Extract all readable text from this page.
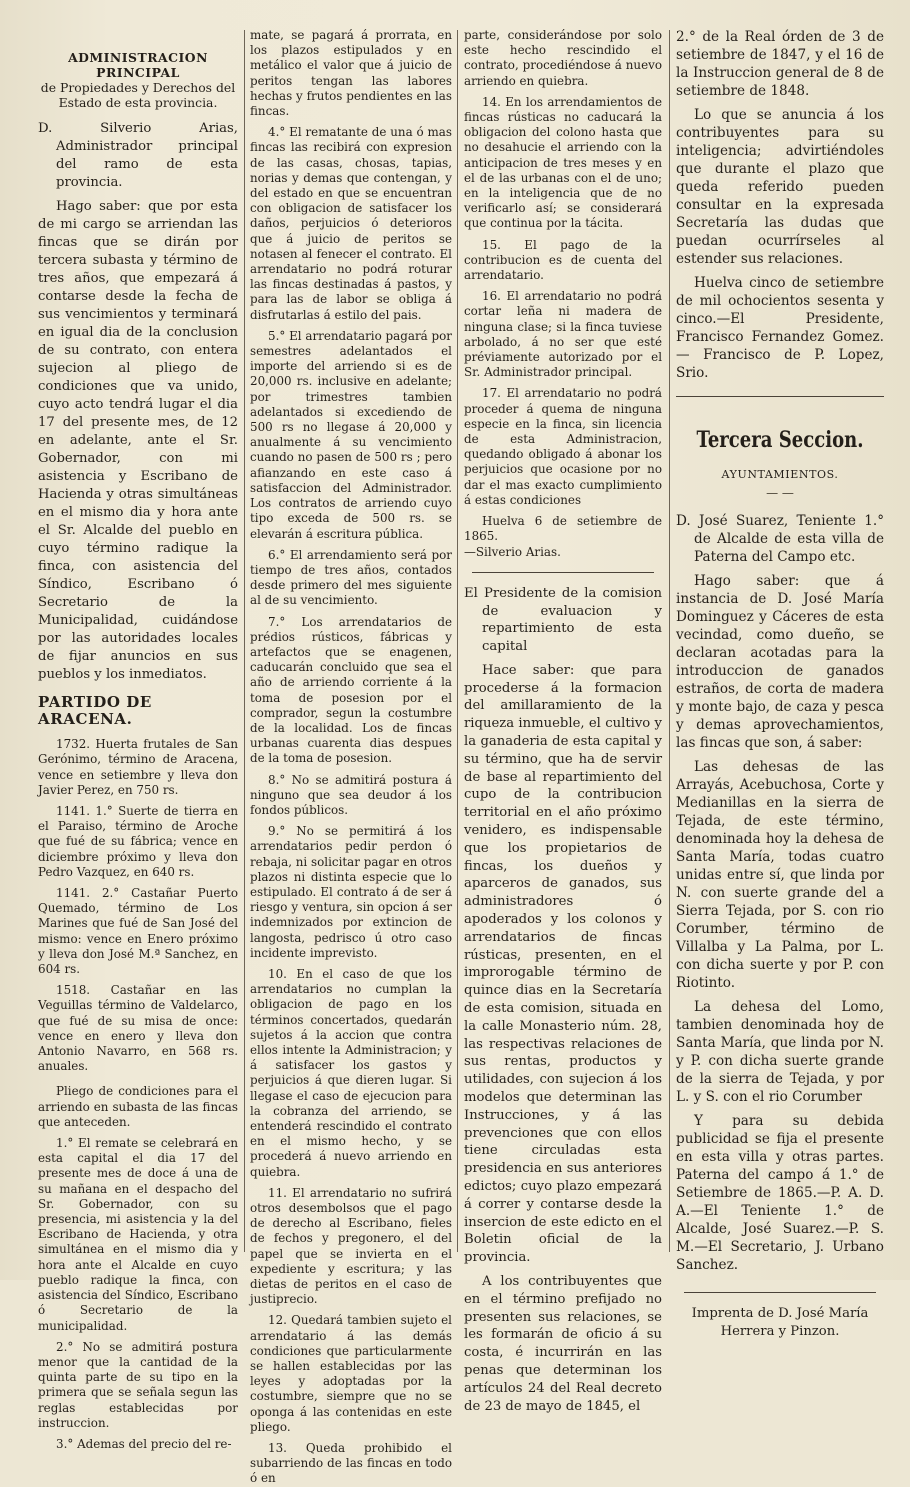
ADMINISTRACION PRINCIPAL
de Propiedades y Derechos del Estado de esta provincia.
D. Silverio Arias, Administrador principal del ramo de esta provincia.
Hago saber: que por esta de mi cargo se arriendan las fincas que se dirán por tercera subasta y término de tres años, que empezará á contarse desde la fecha de sus vencimientos y terminará en igual dia de la conclusion de su contrato, con entera sujecion al pliego de condiciones que va unido, cuyo acto tendrá lugar el dia 17 del presente mes, de 12 en adelante, ante el Sr. Gobernador, con mi asistencia y Escribano de Hacienda y otras simultáneas en el mismo dia y hora ante el Sr. Alcalde del pueblo en cuyo término radique la finca, con asistencia del Síndico, Escribano ó Secretario de la Municipalidad, cuidándose por las autoridades locales de fijar anuncios en sus pueblos y los inmediatos.
PARTIDO DE ARACENA.
1732. Huerta frutales de San Gerónimo, término de Aracena, vence en setiembre y lleva don Javier Perez, en 750 rs.
1141. 1.° Suerte de tierra en el Paraiso, término de Aroche que fué de su fábrica; vence en diciembre próximo y lleva don Pedro Vazquez, en 640 rs.
1141. 2.° Castañar Puerto Quemado, término de Los Marines que fué de San José del mismo: vence en Enero próximo y lleva don José M.ª Sanchez, en 604 rs.
1518. Castañar en las Veguillas término de Valdelarco, que fué de su misa de once: vence en enero y lleva don Antonio Navarro, en 568 rs. anuales.
Pliego de condiciones para el arriendo en subasta de las fincas que anteceden.
1.° El remate se celebrará en esta capital el dia 17 del presente mes de doce á una de su mañana en el despacho del Sr. Gobernador, con su presencia, mi asistencia y la del Escribano de Hacienda, y otra simultánea en el mismo dia y hora ante el Alcalde en cuyo pueblo radique la finca, con asistencia del Síndico, Escribano ó Secretario de la municipalidad.
2.° No se admitirá postura menor que la cantidad de la quinta parte de su tipo en la primera que se señala segun las reglas establecidas por instruccion.
3.° Ademas del precio del re-
mate, se pagará á prorrata, en los plazos estipulados y en metálico el valor que á juicio de peritos tengan las labores hechas y frutos pendientes en las fincas.
4.° El rematante de una ó mas fincas las recibirá con expresion de las casas, chosas, tapias, norias y demas que contengan, y del estado en que se encuentran con obligacion de satisfacer los daños, perjuicios ó deterioros que á juicio de peritos se notasen al fenecer el contrato. El arrendatario no podrá roturar las fincas destinadas á pastos, y para las de labor se obliga á disfrutarlas á estilo del pais.
5.° El arrendatario pagará por semestres adelantados el importe del arriendo si es de 20,000 rs. inclusive en adelante; por trimestres tambien adelantados si excediendo de 500 rs no llegase á 20,000 y anualmente á su vencimiento cuando no pasen de 500 rs ; pero afianzando en este caso á satisfaccion del Administrador. Los contratos de arriendo cuyo tipo exceda de 500 rs. se elevarán á escritura pública.
6.° El arrendamiento será por tiempo de tres años, contados desde primero del mes siguiente al de su vencimiento.
7.° Los arrendatarios de prédios rústicos, fábricas y artefactos que se enagenen, caducarán concluido que sea el año de arriendo corriente á la toma de posesion por el comprador, segun la costumbre de la localidad. Los de fincas urbanas cuarenta dias despues de la toma de posesion.
8.° No se admitirá postura á ninguno que sea deudor á los fondos públicos.
9.° No se permitirá á los arrendatarios pedir perdon ó rebaja, ni solicitar pagar en otros plazos ni distinta especie que lo estipulado. El contrato á de ser á riesgo y ventura, sin opcion á ser indemnizados por extincion de langosta, pedrisco ú otro caso incidente imprevisto.
10. En el caso de que los arrendatarios no cumplan la obligacion de pago en los términos concertados, quedarán sujetos á la accion que contra ellos intente la Administracion; y á satisfacer los gastos y perjuicios á que dieren lugar. Si llegase el caso de ejecucion para la cobranza del arriendo, se entenderá rescindido el contrato en el mismo hecho, y se procederá á nuevo arriendo en quiebra.
11. El arrendatario no sufrirá otros desembolsos que el pago de derecho al Escribano, fieles de fechos y pregonero, el del papel que se invierta en el expediente y escritura; y las dietas de peritos en el caso de justiprecio.
12. Quedará tambien sujeto el arrendatario á las demás condiciones que particularmente se hallen establecidas por las leyes y adoptadas por la costumbre, siempre que no se oponga á las contenidas en este pliego.
13. Queda prohibido el subarriendo de las fincas en todo ó en
parte, considerándose por solo este hecho rescindido el contrato, procediéndose á nuevo arriendo en quiebra.
14. En los arrendamientos de fincas rústicas no caducará la obligacion del colono hasta que no desahucie el arriendo con la anticipacion de tres meses y en el de las urbanas con el de uno; en la inteligencia que de no verificarlo así; se considerará que continua por la tácita.
15. El pago de la contribucion es de cuenta del arrendatario.
16. El arrendatario no podrá cortar leña ni madera de ninguna clase; si la finca tuviese arbolado, á no ser que esté préviamente autorizado por el Sr. Administrador principal.
17. El arrendatario no podrá proceder á quema de ninguna especie en la finca, sin licencia de esta Administracion, quedando obligado á abonar los perjuicios que ocasione por no dar el mas exacto cumplimiento á estas condiciones
Huelva 6 de setiembre de 1865.
—Silverio Arias.
El Presidente de la comision de evaluacion y repartimiento de esta capital
Hace saber: que para procederse á la formacion del amillaramiento de la riqueza inmueble, el cultivo y la ganaderia de esta capital y su término, que ha de servir de base al repartimiento del cupo de la contribucion territorial en el año próximo venidero, es indispensable que los propietarios de fincas, los dueños y aparceros de ganados, sus administradores ó apoderados y los colonos y arrendatarios de fincas rústicas, presenten, en el improrogable término de quince dias en la Secretaría de esta comision, situada en la calle Monasterio núm. 28, las respectivas relaciones de sus rentas, productos y utilidades, con sujecion á los modelos que determinan las Instrucciones, y á las prevenciones que con ellos tiene circuladas esta presidencia en sus anteriores edictos; cuyo plazo empezará á correr y contarse desde la insercion de este edicto en el Boletin oficial de la provincia.
A los contribuyentes que en el término prefijado no presenten sus relaciones, se les formarán de oficio á su costa, é incurrirán en las penas que determinan los artículos 24 del Real decreto de 23 de mayo de 1845, el
2.° de la Real órden de 3 de setiembre de 1847, y el 16 de la Instruccion general de 8 de setiembre de 1848.
Lo que se anuncia á los contribuyentes para su inteligencia; advirtiéndoles que durante el plazo que queda referido pueden consultar en la expresada Secretaría las dudas que puedan ocurrírseles al estender sus relaciones.
Huelva cinco de setiembre de mil ochocientos sesenta y cinco.—El Presidente, Francisco Fernandez Gomez.— Francisco de P. Lopez, Srio.
Tercera Seccion.
AYUNTAMIENTOS.
— —
D. José Suarez, Teniente 1.° de Alcalde de esta villa de Paterna del Campo etc.
Hago saber: que á instancia de D. José María Dominguez y Cáceres de esta vecindad, como dueño, se declaran acotadas para la introduccion de ganados estraños, de corta de madera y monte bajo, de caza y pesca y demas aprovechamientos, las fincas que son, á saber:
Las dehesas de las Arrayás, Acebuchosa, Corte y Medianillas en la sierra de Tejada, de este término, denominada hoy la dehesa de Santa María, todas cuatro unidas entre sí, que linda por N. con suerte grande del a Sierra Tejada, por S. con rio Corumber, término de Villalba y La Palma, por L. con dicha suerte y por P. con Riotinto.
La dehesa del Lomo, tambien denominada hoy de Santa María, que linda por N. y P. con dicha suerte grande de la sierra de Tejada, y por L. y S. con el rio Corumber
Y para su debida publicidad se fija el presente en esta villa y otras partes. Paterna del campo á 1.° de Setiembre de 1865.—P. A. D. A.—El Teniente 1.° de Alcalde, José Suarez.—P. S. M.—El Secretario, J. Urbano Sanchez.
Imprenta de D. José María Herrera y Pinzon.
